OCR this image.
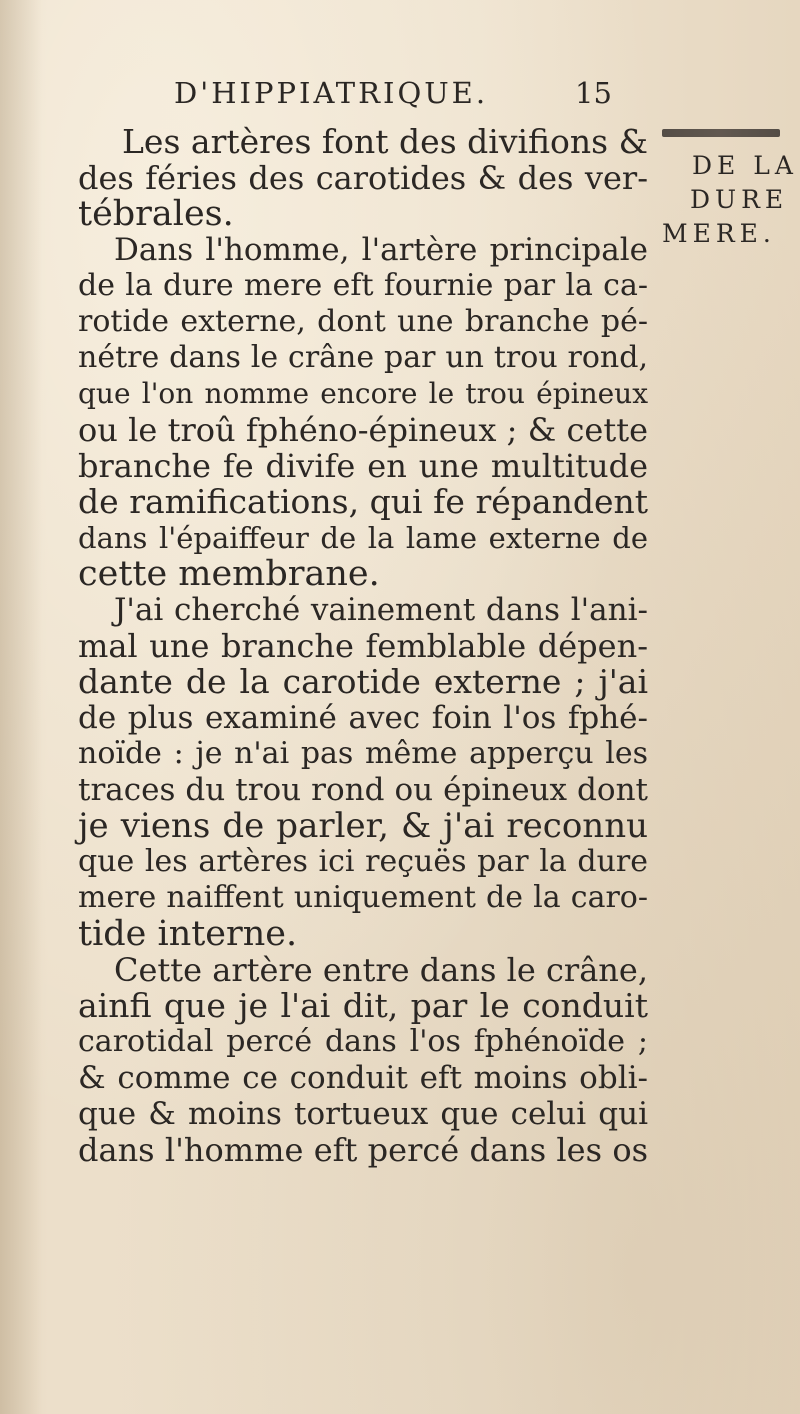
D'HIPPIATRIQUE.	15
DE LA
DURE
MERE.
Les artères font des divifions &
des féries des carotides & des ver-
tébrales.
Dans l'homme, l'artère principale
de la dure mere eft fournie par la ca-
rotide externe, dont une branche pé-
nétre dans le crâne par un trou rond,
que l'on nomme encore le trou épineux
ou le troû fphéno-épineux ; & cette
branche fe divife en une multitude
de ramifications, qui fe répandent
dans l'épaiffeur de la lame externe de
cette membrane.
J'ai cherché vainement dans l'ani-
mal une branche femblable dépen-
dante de la carotide externe ; j'ai
de plus examiné avec foin l'os fphé-
noïde : je n'ai pas même apperçu les
traces du trou rond ou épineux dont
je viens de parler, & j'ai reconnu
que les artères ici reçuës par la dure
mere naiffent uniquement de la caro-
tide interne.
Cette artère entre dans le crâne,
ainfi que je l'ai dit, par le conduit
carotidal percé dans l'os fphénoïde ;
& comme ce conduit eft moins obli-
que & moins tortueux que celui qui
dans l'homme eft percé dans les os
